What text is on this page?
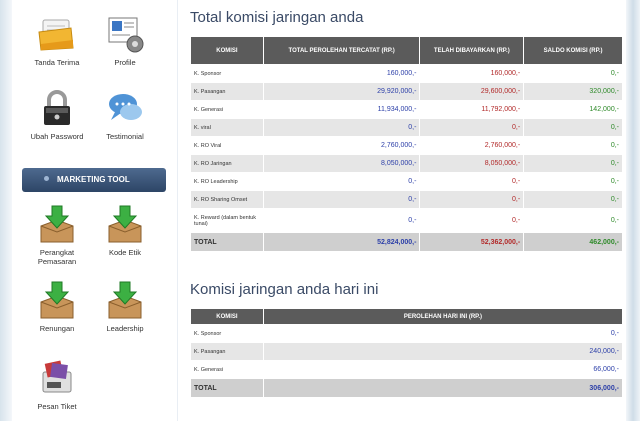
Tanda Terima	Profile
Ubah Password	Testimonial
MARKETING TOOL
Perangkat Pemasaran
Kode Etik
Renungan	Leadership
Pesan Tiket
Total komisi jaringan anda
KOMISI	TOTAL PEROLEHAN TERCATAT (RP.)	TELAH DIBAYARKAN (RP.)	SALDO KOMISI (RP.)
K. Sponsor	160,000,-	160,000,-	0,-
K. Pasangan	29,920,000,-	29,600,000,-	320,000,-
K. Generasi	11,934,000,-	11,792,000,-	142,000,-
K. viral	0,-	0,-	0,-
K. RO Viral	2,760,000,-	2,760,000,-	0,-
K. RO Jaringan	8,050,000,-	8,050,000,-	0,-
K. RO Leadership	0,-	0,-	0,-
K. RO Sharing Omset	0,-	0,-	0,-
K. Reward (dalam bentuk tunai)	0,-	0,-	0,-
TOTAL	52,824,000,-	52,362,000,-	462,000,-
Komisi jaringan anda hari ini
KOMISI	PEROLEHAN HARI INI (RP.)
K. Sponsor	0,-
K. Pasangan	240,000,-
K. Generasi	66,000,-
TOTAL	306,000,-
